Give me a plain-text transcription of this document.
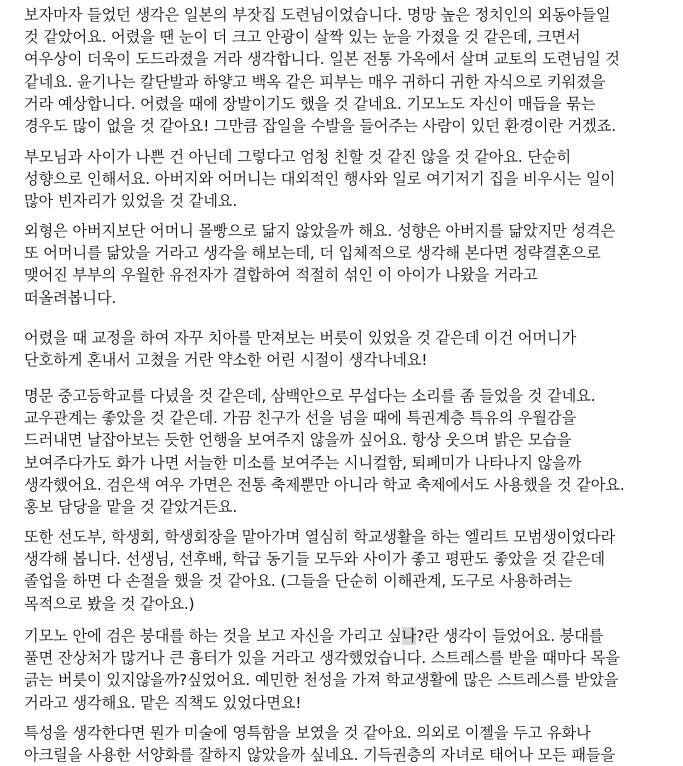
보자마자 들었던 생각은 일본의 부잣집 도련님이었습니다. 명망 높은 정치인의 외동아들일
것 같았어요. 어렸을 땐 눈이 더 크고 안광이 살짝 있는 눈을 가졌을 것 같은데, 크면서
여우상이 더욱이 도드라졌을 거라 생각합니다. 일본 전통 가옥에서 살며 교토의 도련님일 것
같네요. 윤기나는 칼단발과 하얗고 백옥 같은 피부는 매우 귀하디 귀한 자식으로 키워졌을
거라 예상합니다. 어렸을 때에 장발이기도 했을 것 같네요. 기모노도 자신이 매듭을 묶는
경우도 많이 없을 것 같아요! 그만큼 잡일을 수발을 들어주는 사람이 있던 환경이란 거겠죠.
부모님과 사이가 나쁜 건 아닌데 그렇다고 엄청 친할 것 같진 않을 것 같아요. 단순히
성향으로 인해서요. 아버지와 어머니는 대외적인 행사와 일로 여기저기 집을 비우시는 일이
많아 빈자리가 있었을 것 같네요.
외형은 아버지보단 어머니 몰빵으로 닮지 않았을까 해요. 성향은 아버지를 닮았지만 성격은
또 어머니를 닮았을 거라고 생각을 해보는데, 더 입체적으로 생각해 본다면 정략결혼으로
맺어진 부부의 우월한 유전자가 결합하여 적절히 섞인 이 아이가 나왔을 거라고
떠올려봅니다.
어렸을 때 교정을 하여 자꾸 치아를 만져보는 버릇이 있었을 것 같은데 이건 어머니가
단호하게 혼내서 고쳤을 거란 약소한 어린 시절이 생각나네요!
명문 중고등학교를 다녔을 것 같은데, 삼백안으로 무섭다는 소리를 좀 들었을 것 같네요.
교우관계는 좋았을 것 같은데. 가끔 친구가 선을 넘을 때에 특권계층 특유의 우월감을
드러내면 날잡아보는 듯한 언행을 보여주지 않을까 싶어요. 항상 웃으며 밝은 모습을
보여주다가도 화가 나면 서늘한 미소를 보여주는 시니컬함, 퇴폐미가 나타나지 않을까
생각했어요. 검은색 여우 가면은 전통 축제뿐만 아니라 학교 축제에서도 사용했을 것 같아요.
홍보 담당을 맡을 것 같았거든요.
또한 선도부, 학생회, 학생회장을 맡아가며 열심히 학교생활을 하는 엘리트 모범생이었다라
생각해 봅니다. 선생님, 선후배, 학급 동기들 모두와 사이가 좋고 평판도 좋았을 것 같은데
졸업을 하면 다 손절을 했을 것 같아요. (그들을 단순히 이해관계, 도구로 사용하려는
목적으로 봤을 것 같아요.)
기모노 안에 검은 붕대를 하는 것을 보고 자신을 가리고 싶나?란 생각이 들었어요. 붕대를
풀면 잔상처가 많거나 큰 흉터가 있을 거라고 생각했었습니다. 스트레스를 받을 때마다 목을
긁는 버릇이 있지않을까?싶었어요. 예민한 천성을 가져 학교생활에 많은 스트레스를 받았을
거라고 생각해요. 맡은 직책도 있었다면요!
특성을 생각한다면 뭔가 미술에 영특함을 보였을 것 같아요. 의외로 이젤을 두고 유화나
아크릴을 사용한 서양화를 잘하지 않았을까 싶네요. 기득권층의 자녀로 태어나 모든 패들을
